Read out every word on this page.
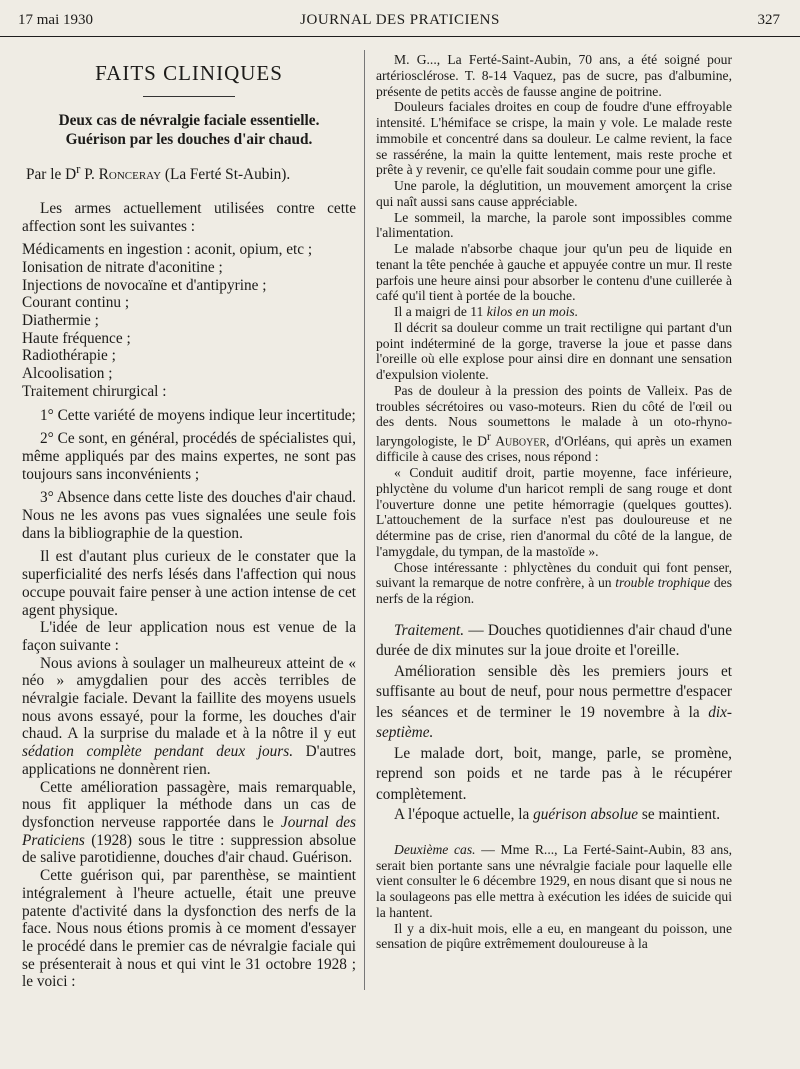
17 mai 1930	JOURNAL DES PRATICIENS	327

FAITS CLINIQUES

Deux cas de névralgie faciale essentielle.

Guérison par les douches d'air chaud.

Par le $D^r$ P. Ronceray (La Ferté St-Aubin).

Les armes actuellement utilisées contre cette affection sont les suivantes :

Médicaments en ingestion : aconit, opium, etc ;

Ionisation de nitrate d'aconitine ;

Injections de novocaïne et d'antipyrine ;

Courant continu ;

Diathermie ;

Haute fréquence ;

Radiothérapie ;

Alcoolisation ;

Traitement chirurgical :

1° Cette variété de moyens indique leur incertitude;

2° Ce sont, en général, procédés de spécialistes qui, même appliqués par des mains expertes, ne sont pas toujours sans inconvénients ;

3° Absence dans cette liste des douches d'air chaud. Nous ne les avons pas vues signalées une seule fois dans la bibliographie de la question.

Il est d'autant plus curieux de le constater que la superficialité des nerfs lésés dans l'affection qui nous occupe pouvait faire penser à une action intense de cet agent physique.

L'idée de leur application nous est venue de la façon suivante :

Nous avions à soulager un malheureux atteint de « néo » amygdalien pour des accès terribles de névralgie faciale. Devant la faillite des moyens usuels nous avons essayé, pour la forme, les douches d'air chaud. A la surprise du malade et à la nôtre il y eut sédation complète pendant deux jours. D'autres applications ne donnèrent rien.

Cette amélioration passagère, mais remarquable, nous fit appliquer la méthode dans un cas de dysfonction nerveuse rapportée dans le Journal des Praticiens (1928) sous le titre : suppression absolue de salive parotidienne, douches d'air chaud. Guérison.

Cette guérison qui, par parenthèse, se maintient intégralement à l'heure actuelle, était une preuve patente d'activité dans la dysfonction des nerfs de la face. Nous nous étions promis à ce moment d'essayer le procédé dans le premier cas de névralgie faciale qui se présenterait à nous et qui vint le 31 octobre 1928 ; le voici :

M. G..., La Ferté-Saint-Aubin, 70 ans, a été soigné pour artériosclérose. T. 8-14 Vaquez, pas de sucre, pas d'albumine, présente de petits accès de fausse angine de poitrine.

Douleurs faciales droites en coup de foudre d'une effroyable intensité. L'hémiface se crispe, la main y vole. Le malade reste immobile et concentré dans sa douleur. Le calme revient, la face se rasséréne, la main la quitte lentement, mais reste proche et prête à y revenir, ce qu'elle fait soudain comme pour une gifle.

Une parole, la déglutition, un mouvement amorçent la crise qui naît aussi sans cause appréciable.

Le sommeil, la marche, la parole sont impossibles comme l'alimentation.

Le malade n'absorbe chaque jour qu'un peu de liquide en tenant la tête penchée à gauche et appuyée contre un mur. Il reste parfois une heure ainsi pour absorber le contenu d'une cuillerée à café qu'il tient à portée de la bouche.

Il a maigri de 11 kilos en un mois.

Il décrit sa douleur comme un trait rectiligne qui partant d'un point indéterminé de la gorge, traverse la joue et passe dans l'oreille où elle explose pour ainsi dire en donnant une sensation d'expulsion violente.

Pas de douleur à la pression des points de Valleix. Pas de troubles sécrétoires ou vaso-moteurs. Rien du côté de l'œil ou des dents. Nous soumettons le malade à un oto-rhyno-laryngologiste, le $D^r$ Auboyer, d'Orléans, qui après un examen difficile à cause des crises, nous répond :

« Conduit auditif droit, partie moyenne, face inférieure, phlyctène du volume d'un haricot rempli de sang rouge et dont l'ouverture donne une petite hémorragie (quelques gouttes). L'attouchement de la surface n'est pas douloureuse et ne détermine pas de crise, rien d'anormal du côté de la langue, de l'amygdale, du tympan, de la mastoïde ».

Chose intéressante : phlyctènes du conduit qui font penser, suivant la remarque de notre confrère, à un trouble trophique des nerfs de la région.

Traitement. — Douches quotidiennes d'air chaud d'une durée de dix minutes sur la joue droite et l'oreille.

Amélioration sensible dès les premiers jours et suffisante au bout de neuf, pour nous permettre d'espacer les séances et de terminer le 19 novembre à la dix-septième.

Le malade dort, boit, mange, parle, se promène, reprend son poids et ne tarde pas à le récupérer complètement.

A l'époque actuelle, la guérison absolue se maintient.

Deuxième cas. — Mme R..., La Ferté-Saint-Aubin, 83 ans, serait bien portante sans une névralgie faciale pour laquelle elle vient consulter le 6 décembre 1929, en nous disant que si nous ne la soulageons pas elle mettra à exécution les idées de suicide qui la hantent.

Il y a dix-huit mois, elle a eu, en mangeant du poisson, une sensation de piqûre extrêmement douloureuse à la
